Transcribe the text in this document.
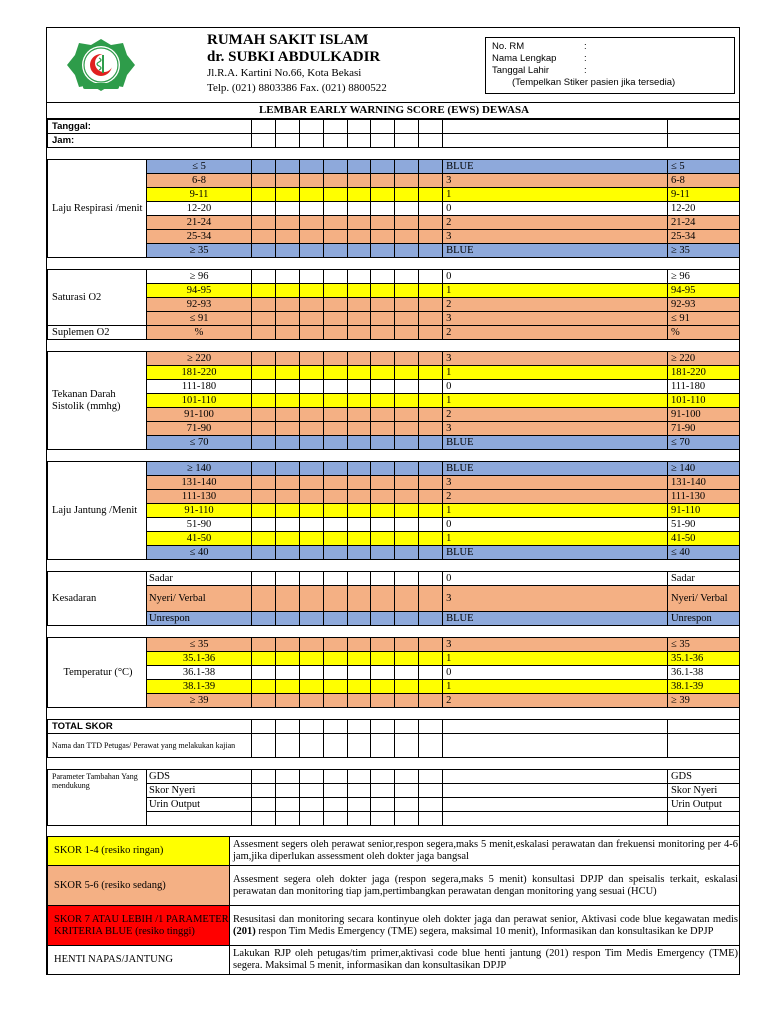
RUMAH SAKIT ISLAM
dr. SUBKI ABDULKADIR
Jl.R.A. Kartini No.66, Kota Bekasi
Telp. (021) 8803386 Fax. (021) 8800522
No. RM	:
Nama Lengkap	:
Tanggal Lahir	:
(Tempelkan Stiker pasien jika tersedia)
LEMBAR EARLY WARNING SCORE (EWS) DEWASA
Tanggal:											
Jam:											

Laju Respirasi /menit	≤ 5									BLUE	≤ 5
	6-8									3	6-8
	9-11									1	9-11
	12-20									0	12-20
	21-24									2	21-24
	25-34									3	25-34
	≥ 35									BLUE	≥ 35

Saturasi O2	≥ 96									0	≥ 96
	94-95									1	94-95
	92-93									2	92-93
	≤ 91									3	≤ 91
Suplemen O2	%									2	%

Tekanan Darah Sistolik (mmhg)	≥ 220									3	≥ 220
	181-220									1	181-220
	111-180									0	111-180
	101-110									1	101-110
	91-100									2	91-100
	71-90									3	71-90
	≤ 70									BLUE	≤ 70

Laju Jantung /Menit	≥ 140									BLUE	≥ 140
	131-140									3	131-140
	111-130									2	111-130
	91-110									1	91-110
	51-90									0	51-90
	41-50									1	41-50
	≤ 40									BLUE	≤ 40

Kesadaran	Sadar									0	Sadar
	Nyeri/ Verbal									3	Nyeri/ Verbal
	Unrespon									BLUE	Unrespon

Temperatur (°C)	≤ 35									3	≤ 35
	35.1-36									1	35.1-36
	36.1-38									0	36.1-38
	38.1-39									1	38.1-39
	≥ 39									2	≥ 39

TOTAL SKOR											
Nama dan TTD Petugas/ Perawat yang melakukan kajian											

Parameter Tambahan Yang mendukung	GDS										GDS
	Skor Nyeri										Skor Nyeri
	Urin Output										Urin Output

SKOR 1-4 (resiko ringan)	Assesment segers oleh perawat senior,respon segera,maks 5 menit,eskalasi perawatan dan frekuensi monitoring per 4-6 jam,jika diperlukan assessment oleh dokter jaga bangsal
SKOR 5-6 (resiko sedang)	Assesment segera oleh dokter jaga (respon segera,maks 5 menit) konsultasi DPJP dan speisalis terkait, eskalasi perawatan dan monitoring tiap jam,pertimbangkan perawatan dengan monitoring yang sesuai (HCU)
SKOR 7 ATAU LEBIH /1 PARAMETER KRITERIA BLUE (resiko tinggi)	Resusitasi dan monitoring secara kontinyue oleh dokter jaga dan perawat senior, Aktivasi code blue kegawatan medis (201) respon Tim Medis Emergency (TME) segera, maksimal 10 menit), Informasikan dan konsultasikan ke DPJP
HENTI NAPAS/JANTUNG	Lakukan RJP oleh petugas/tim primer,aktivasi code blue henti jantung (201) respon Tim Medis Emergency (TME) segera. Maksimal 5 menit, informasikan dan konsultasikan DPJP
